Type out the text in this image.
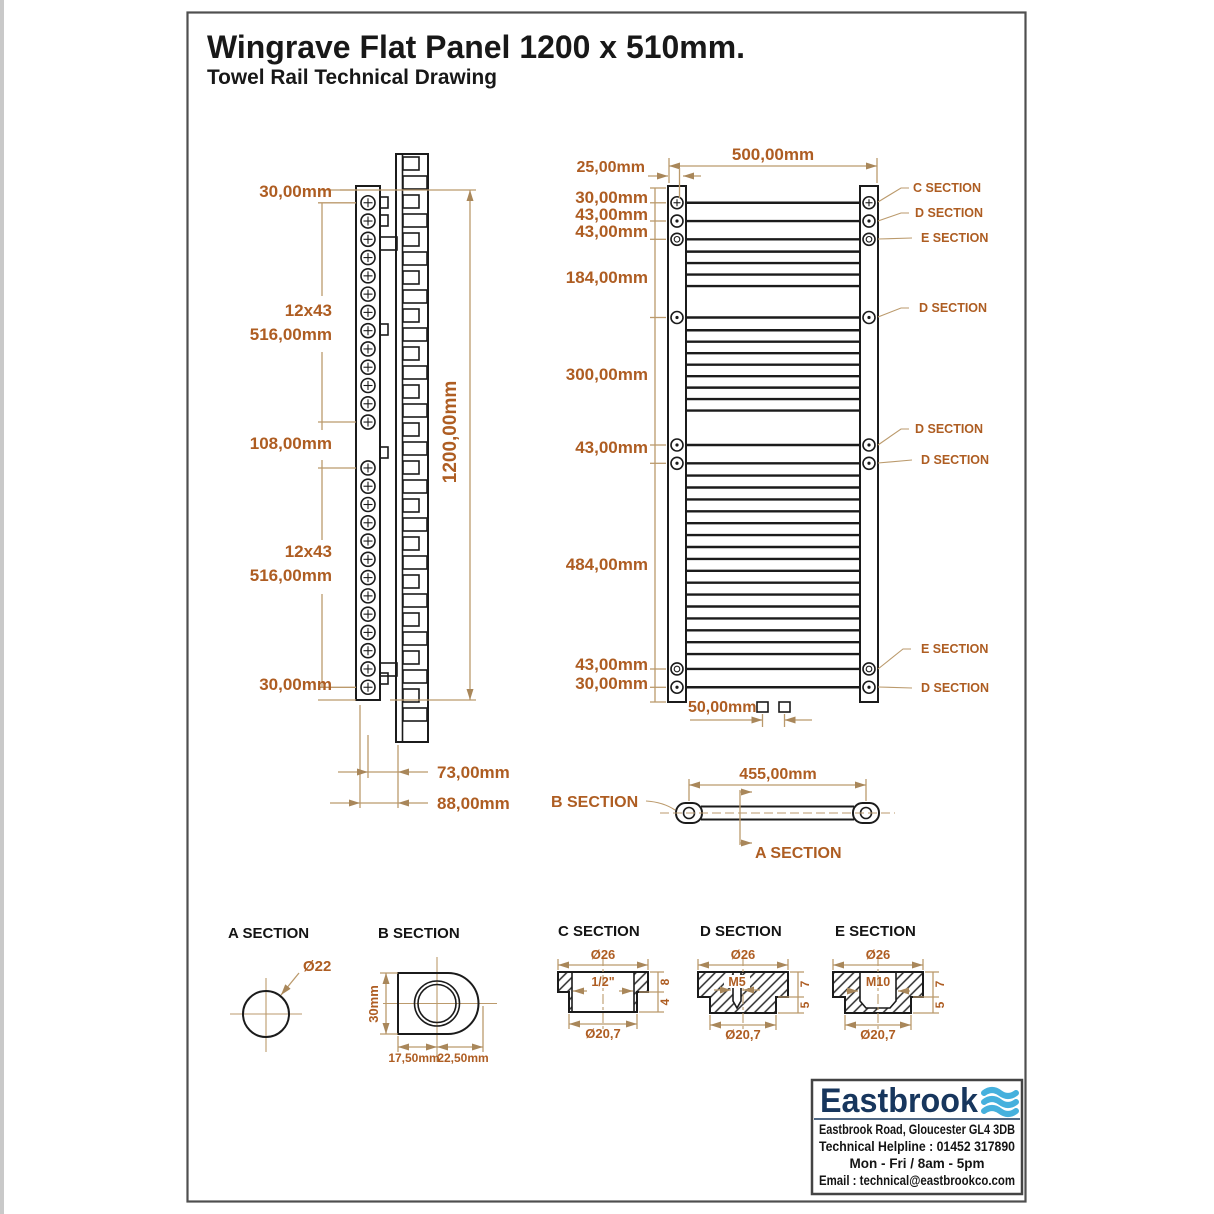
Wingrave Flat Panel 1200 x 510mm.
Towel Rail Technical Drawing
30,00mm
12x43
516,00mm
108,00mm
12x43
516,00mm
30,00mm
1200,00mm
73,00mm
88,00mm
500,00mm
25,00mm
30,00mm
43,00mm
43,00mm
184,00mm
300,00mm
43,00mm
484,00mm
43,00mm
30,00mm
50,00mm
C SECTION
D SECTION
E SECTION
D SECTION
D SECTION
D SECTION
E SECTION
D SECTION
455,00mm
B SECTION
A SECTION
A SECTION
Ø22
B SECTION
30mm
17,50mm
22,50mm
C SECTION
Ø26
1/2"
Ø20,7
8
4
D SECTION
Ø26
M5
Ø20,7
7
5
E SECTION
Ø26
M10
Ø20,7
7
5
Eastbrook
Eastbrook Road, Gloucester GL4 3DB
Technical Helpline : 01452 317890
Mon - Fri / 8am - 5pm
Email : technical@eastbrookco.com
